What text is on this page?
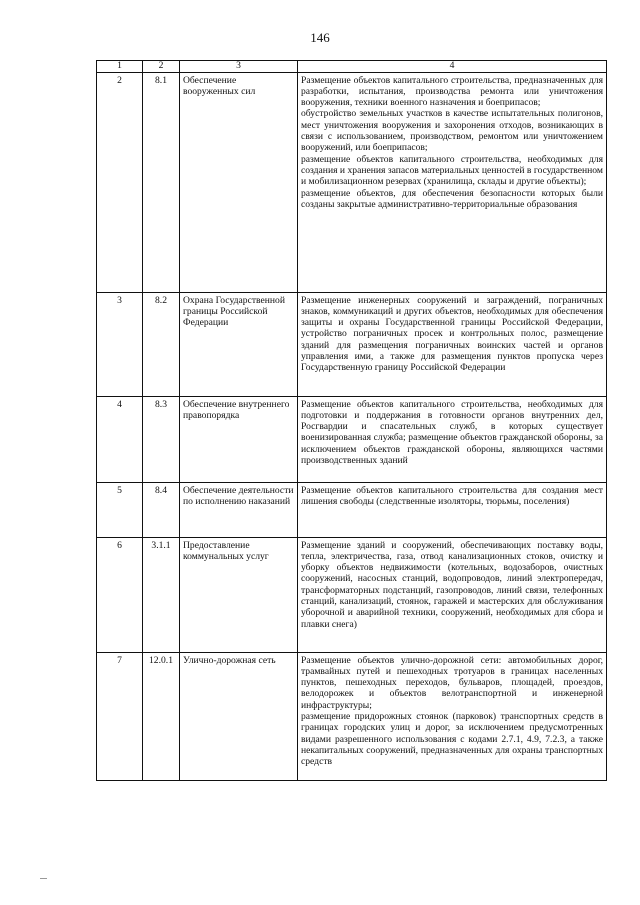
146
1	2	3	4
2	8.1	Обеспечение вооруженных сил	Размещение объектов капитального строительства, предназначенных для разработки, испытания, производства ремонта или уничтожения вооружения, техники военного назначения и боеприпасов;
обустройство земельных участков в качестве испытательных полигонов, мест уничтожения вооружения и захоронения отходов, возникающих в связи с использованием, производством, ремонтом или уничтожением вооружений, или боеприпасов;
размещение объектов капитального строительства, необходимых для создания и хранения запасов материальных ценностей в государственном и мобилизационном резервах (хранилища, склады и другие объекты);
размещение объектов, для обеспечения безопасности которых были созданы закрытые административно-территориальные образования

3	8.2	Охрана Государственной границы Российской Федерации	Размещение инженерных сооружений и заграждений, пограничных знаков, коммуникаций и других объектов, необходимых для обеспечения защиты и охраны Государственной границы Российской Федерации, устройство пограничных просек и контрольных полос, размещение зданий для размещения пограничных воинских частей и органов управления ими, а также для размещения пунктов пропуска через Государственную границу Российской Федерации

4	8.3	Обеспечение внутреннего правопорядка	Размещение объектов капитального строительства, необходимых для подготовки и поддержания в готовности органов внутренних дел, Росгвардии и спасательных служб, в которых существует военизированная служба; размещение объектов гражданской обороны, за исключением объектов гражданской обороны, являющихся частями производственных зданий

5	8.4	Обеспечение деятельности по исполнению наказаний	Размещение объектов капитального строительства для создания мест лишения свободы (следственные изоляторы, тюрьмы, поселения)

6	3.1.1	Предоставление коммунальных услуг	Размещение зданий и сооружений, обеспечивающих поставку воды, тепла, электричества, газа, отвод канализационных стоков, очистку и уборку объектов недвижимости (котельных, водозаборов, очистных сооружений, насосных станций, водопроводов, линий электропередач, трансформаторных подстанций, газопроводов, линий связи, телефонных станций, канализаций, стоянок, гаражей и мастерских для обслуживания уборочной и аварийной техники, сооружений, необходимых для сбора и плавки снега)

7	12.0.1	Улично-дорожная сеть	Размещение объектов улично-дорожной сети: автомобильных дорог, трамвайных путей и пешеходных тротуаров в границах населенных пунктов, пешеходных переходов, бульваров, площадей, проездов, велодорожек и объектов велотранспортной и инженерной инфраструктуры;
размещение придорожных стоянок (парковок) транспортных средств в границах городских улиц и дорог, за исключением предусмотренных видами разрешенного использования с кодами 2.7.1, 4.9, 7.2.3, а также некапитальных сооружений, предназначенных для охраны транспортных средств
